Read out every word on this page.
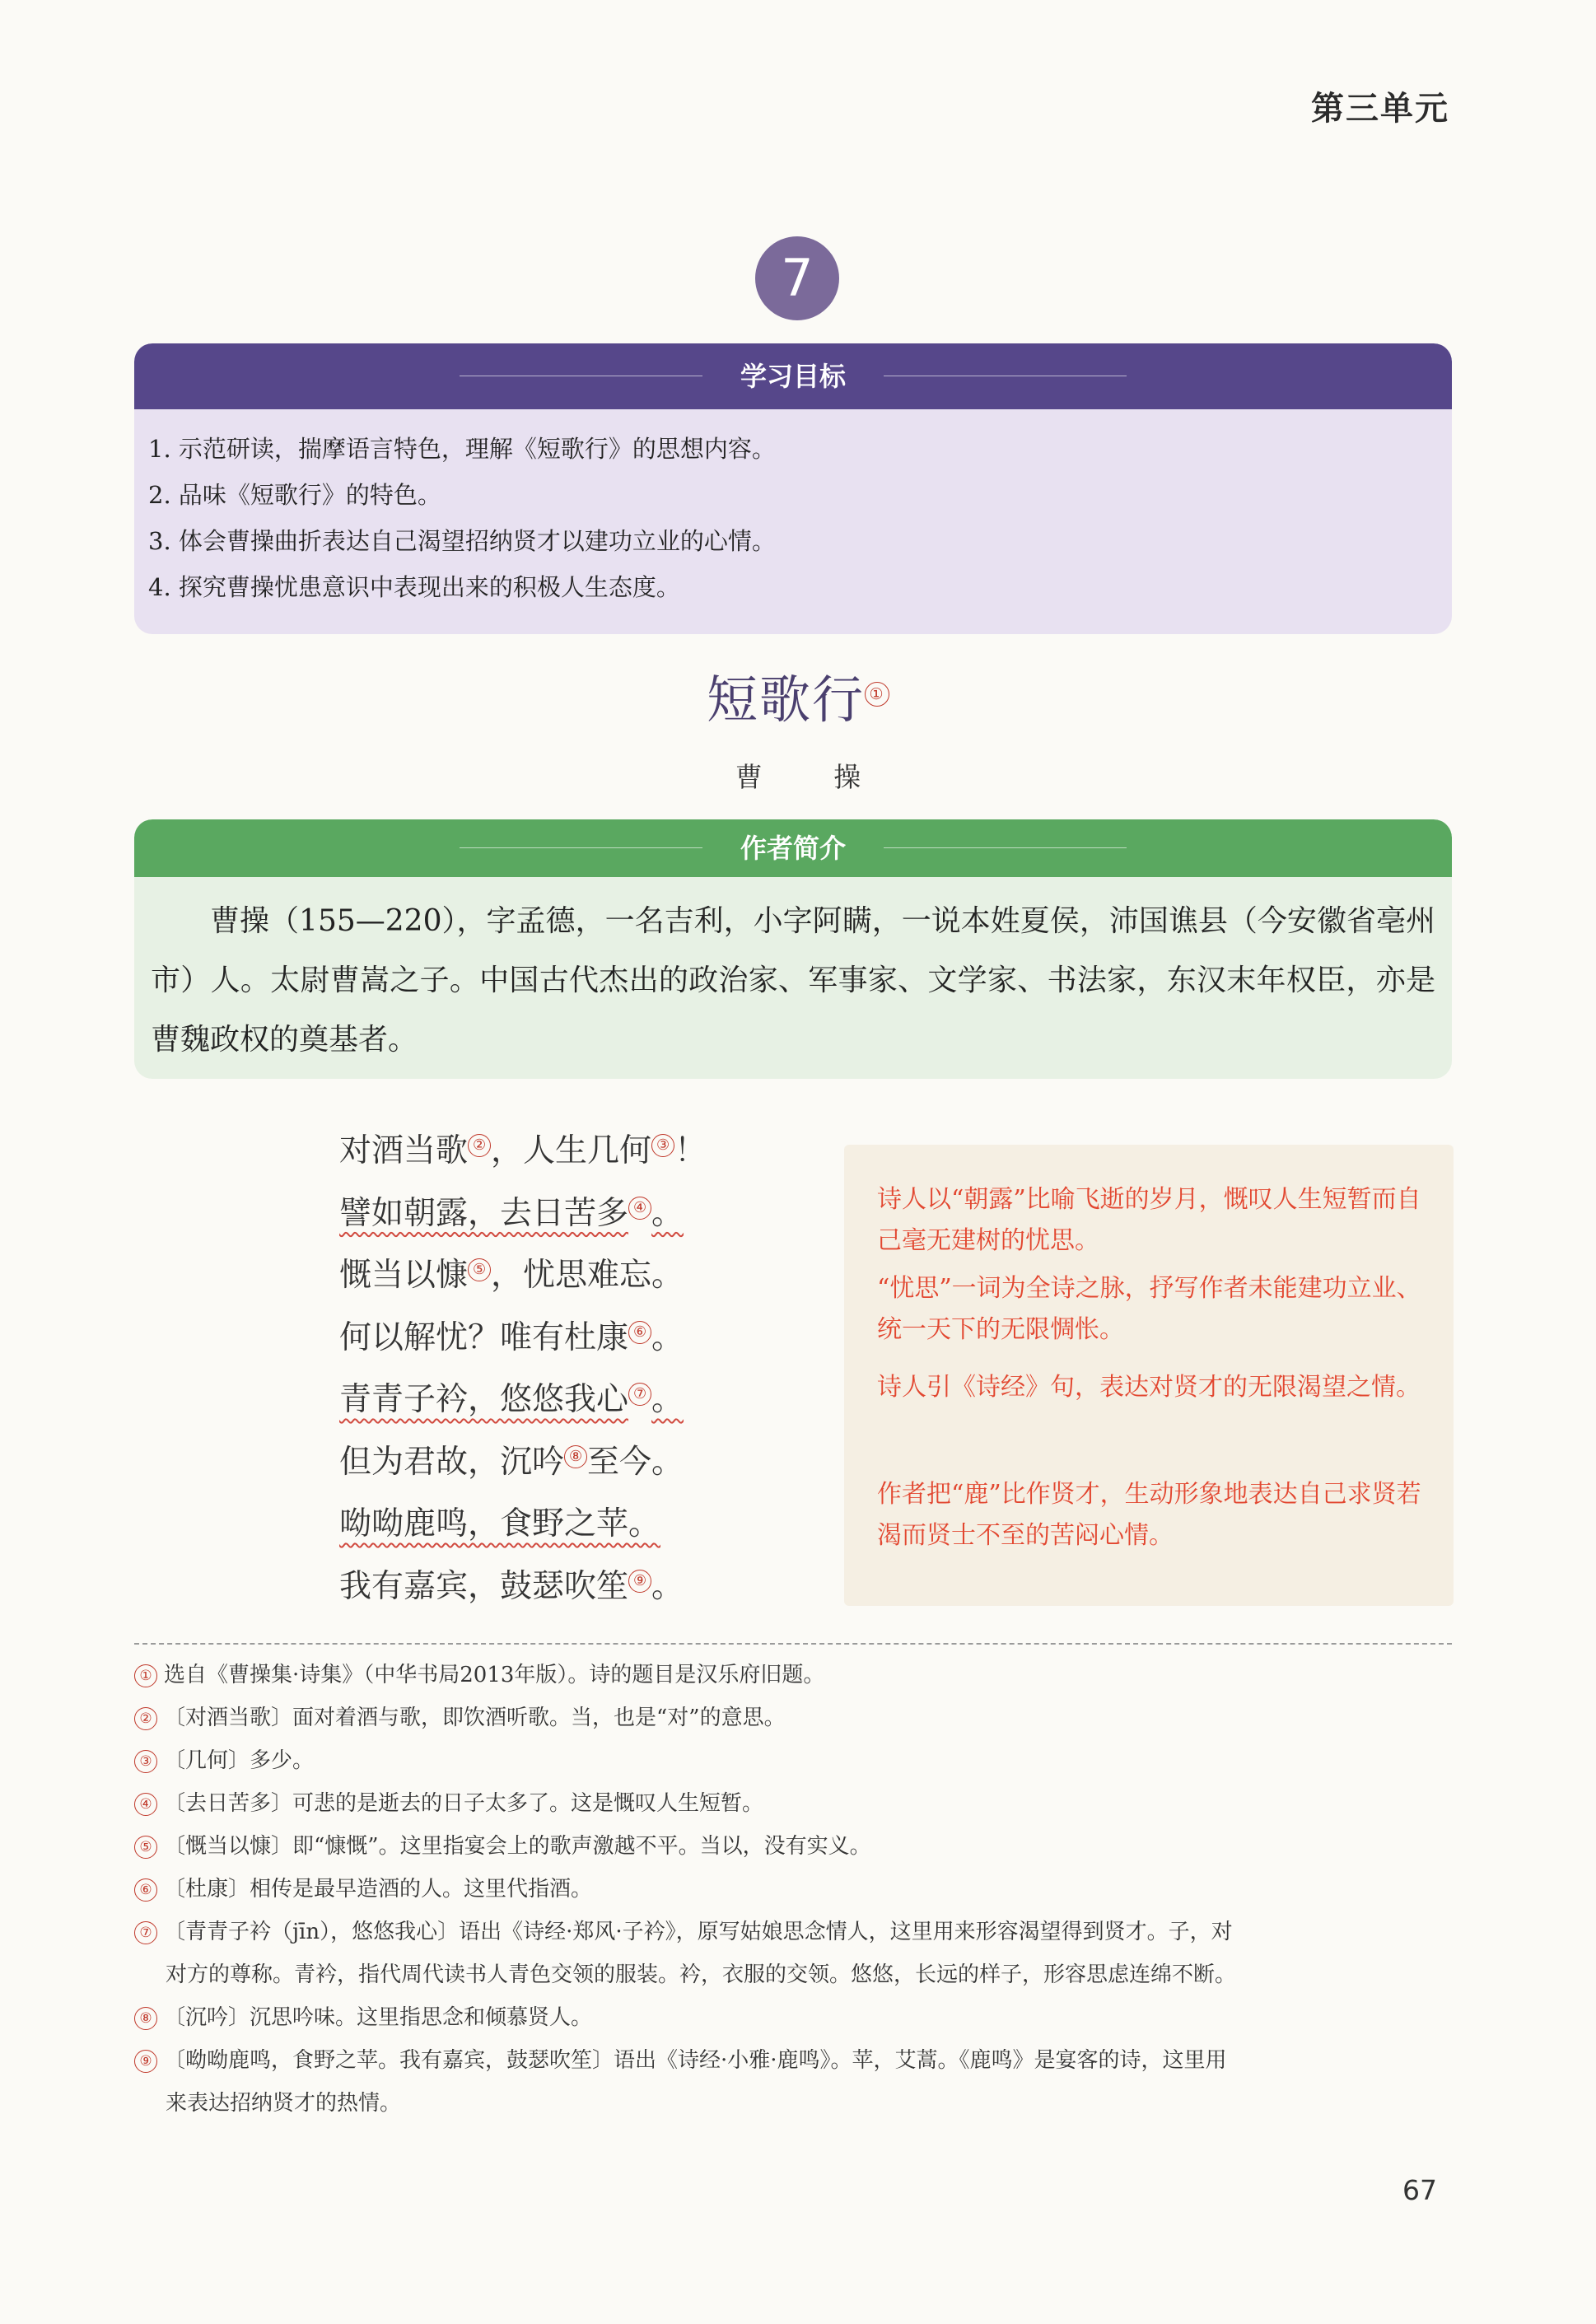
第三单元
7
学习目标
1. 示范研读，揣摩语言特色，理解《短歌行》的思想内容。
2. 品味《短歌行》的特色。
3. 体会曹操曲折表达自己渴望招纳贤才以建功立业的心情。
4. 探究曹操忧患意识中表现出来的积极人生态度。
短歌行 ①
曹 操
作者简介

曹操（155—220），字孟德，一名吉利，小字阿瞒，一说本姓夏侯，沛国谯县（今安徽省亳州市）人。太尉曹嵩之子。中国古代杰出的政治家、军事家、文学家、书法家，东汉末年权臣，亦是曹魏政权的奠基者。

诗人以“朝露”比喻飞逝的岁月，慨叹人生短暂而自己毫无建树的忧思。
“忧思”一词为全诗之脉，抒写作者未能建功立业、统一天下的无限惆怅。
诗人引《诗经》句，表达对贤才的无限渴望之情。
作者把“鹿”比作贤才，生动形象地表达自己求贤若渴而贤士不至的苦闷心情。
对酒当歌 ② ，人生几何 ③ ！
譬如朝露，去日苦多 ④ 。
慨当以慷 ⑤ ，忧思难忘。
何以解忧？唯有杜康 ⑥ 。
青青子衿，悠悠我心 ⑦ 。
但为君故，沉吟 ⑧ 至今。
呦呦鹿鸣，食野之苹。
我有嘉宾，鼓瑟吹笙 ⑨ 。
① 选自《曹操集·诗集》（中华书局2013年版）。诗的题目是汉乐府旧题。
② 〔对酒当歌〕面对着酒与歌，即饮酒听歌。当，也是“对”的意思。
③ 〔几何〕多少。
④ 〔去日苦多〕可悲的是逝去的日子太多了。这是慨叹人生短暂。
⑤ 〔慨当以慷〕即“慷慨”。这里指宴会上的歌声激越不平。当以，没有实义。
⑥ 〔杜康〕相传是最早造酒的人。这里代指酒。
⑦ 〔青青子衿（jīn），悠悠我心〕语出《诗经·郑风·子衿》，原写姑娘思念情人，这里用来形容渴望得到贤才。子，对
对方的尊称。青衿，指代周代读书人青色交领的服装。衿，衣服的交领。悠悠，长远的样子，形容思虑连绵不断。
⑧ 〔沉吟〕沉思吟味。这里指思念和倾慕贤人。
⑨ 〔呦呦鹿鸣，食野之苹。我有嘉宾，鼓瑟吹笙〕语出《诗经·小雅·鹿鸣》。苹，艾蒿。《鹿鸣》是宴客的诗，这里用
来表达招纳贤才的热情。
67
